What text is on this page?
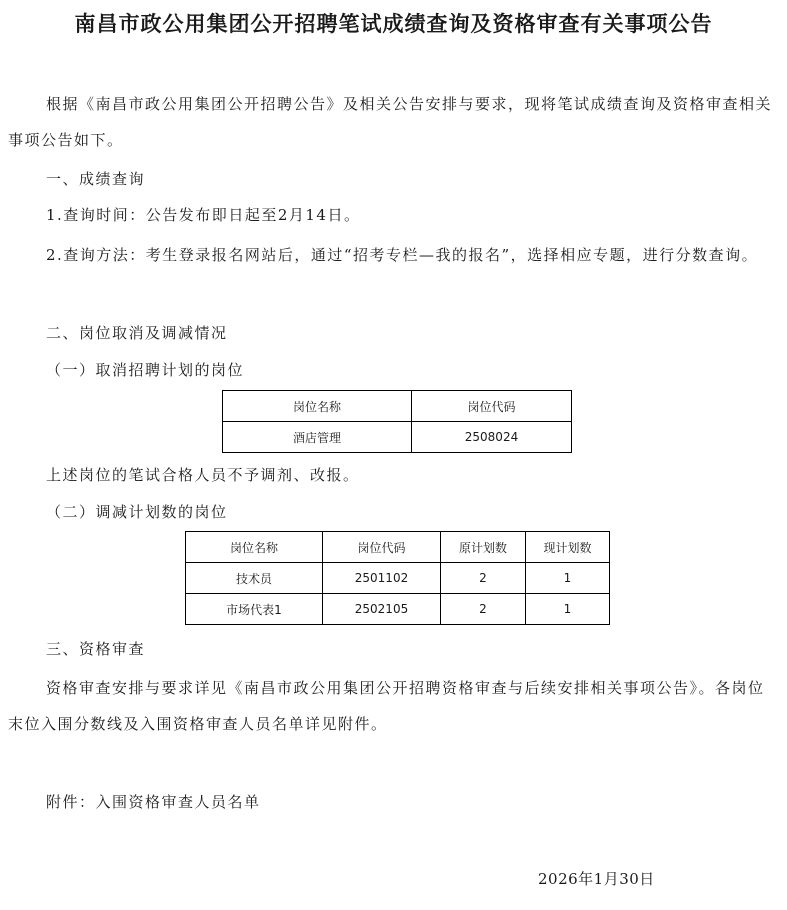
南昌市政公用集团公开招聘笔试成绩查询及资格审查有关事项公告

根据《南昌市政公用集团公开招聘公告》及相关公告安排与要求，现将笔试成绩查询及资格审查相关事项公告如下。

一、成绩查询
1.查询时间：公告发布即日起至2月14日。

2.查询方法：考生登录报名网站后，通过“招考专栏—我的报名”，选择相应专题，进行分数查询。

二、岗位取消及调减情况
（一）取消招聘计划的岗位
岗位名称	岗位代码
酒店管理	2508024
上述岗位的笔试合格人员不予调剂、改报。
（二）调减计划数的岗位
岗位名称	岗位代码	原计划数	现计划数
技术员	2501102	2	1
市场代表1	2502105	2	1
三、资格审查

资格审查安排与要求详见《南昌市政公用集团公开招聘资格审查与后续安排相关事项公告》。各岗位末位入围分数线及入围资格审查人员名单详见附件。

附件：入围资格审查人员名单
2026年1月30日
